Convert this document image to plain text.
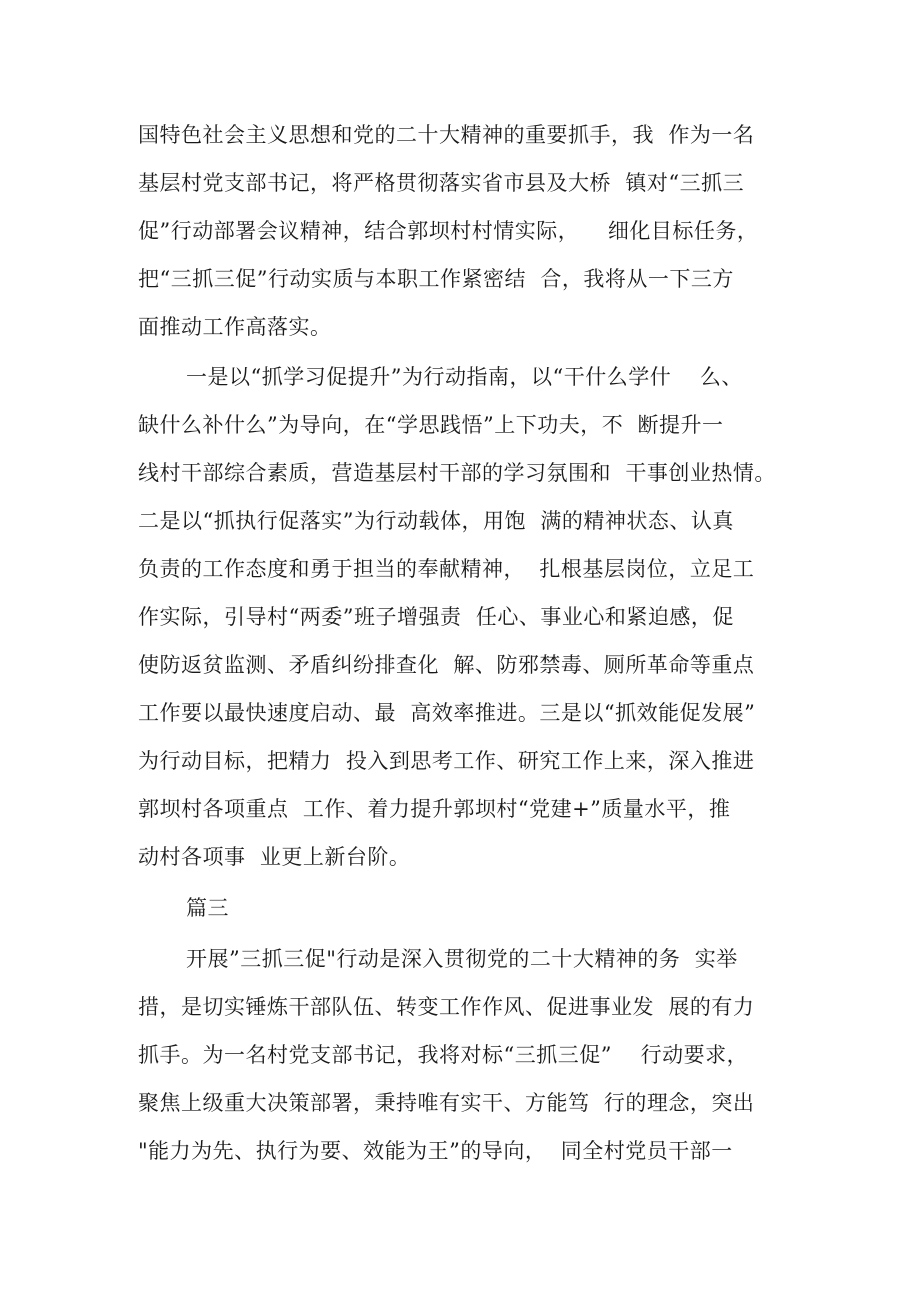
国特色社会主义思想和党的二十大精神的重要抓手，我  作为一名
基层村党支部书记，将严格贯彻落实省市县及大桥  镇对“三抓三
促”行动部署会议精神，结合郭坝村村情实际，    细化目标任务，
把“三抓三促”行动实质与本职工作紧密结  合，我将从一下三方
面推动工作高落实。
一是以“抓学习促提升”为行动指南，以“干什么学什    么、
缺什么补什么”为导向，在“学思践悟”上下功夫，不  断提升一
线村干部综合素质，营造基层村干部的学习氛围和  干事创业热情。
二是以“抓执行促落实”为行动载体，用饱  满的精神状态、认真
负责的工作态度和勇于担当的奉献精神，  扎根基层岗位，立足工
作实际，引导村“两委”班子增强责  任心、事业心和紧迫感，促
使防返贫监测、矛盾纠纷排查化  解、防邪禁毒、厕所革命等重点
工作要以最快速度启动、最  高效率推进。三是以“抓效能促发展”
为行动目标，把精力  投入到思考工作、研究工作上来，深入推进
郭坝村各项重点  工作、着力提升郭坝村“党建+”质量水平，推
动村各项事  业更上新台阶。
篇三
开展”三抓三促"行动是深入贯彻党的二十大精神的务  实举
措，是切实锤炼干部队伍、转变工作作风、促进事业发  展的有力
抓手。为一名村党支部书记，我将对标“三抓三促”    行动要求，
聚焦上级重大决策部署，秉持唯有实干、方能笃  行的理念，突出
"能力为先、执行为要、效能为王”的导向，  同全村党员干部一
